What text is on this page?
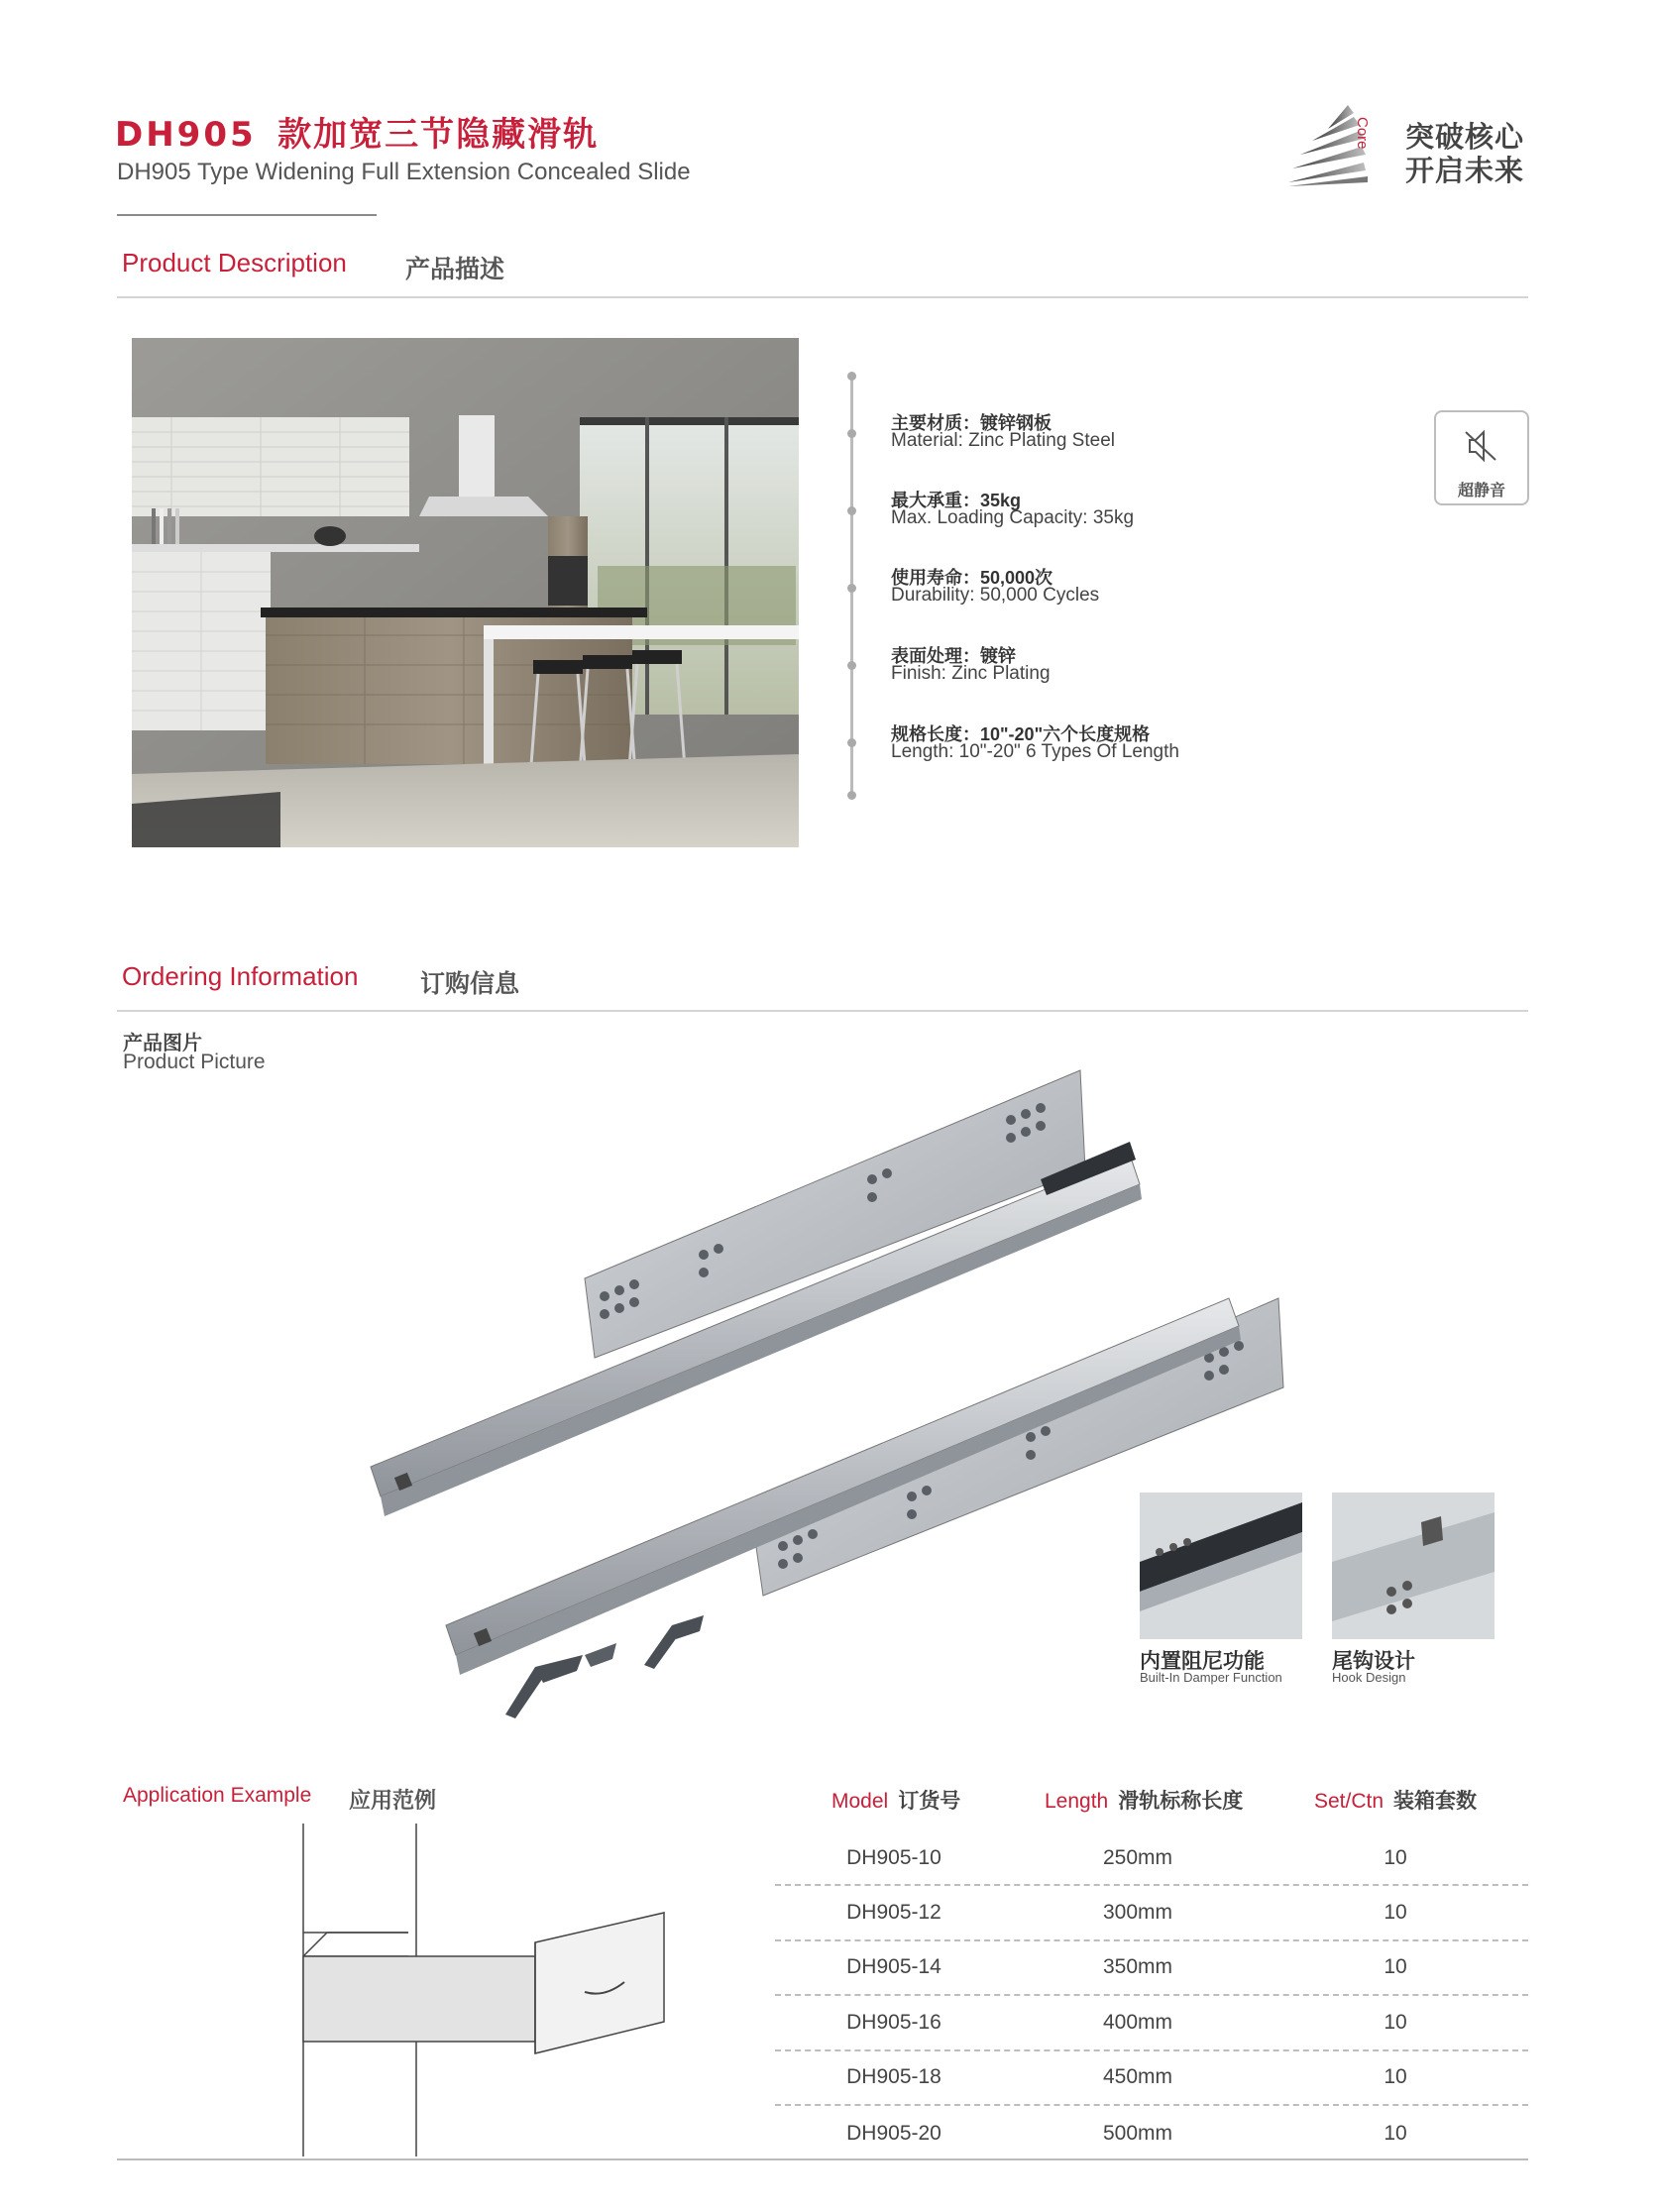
DH905 款加宽三节隐藏滑轨
DH905 Type Widening Full Extension Concealed Slide
Core 突破核心
开启未来
Product Description 产品描述
主要材质：镀锌钢板
Material: Zinc Plating Steel
最大承重：35kg
Max. Loading Capacity: 35kg
使用寿命：50,000次
Durability: 50,000 Cycles
表面处理：镀锌
Finish: Zinc Plating
规格长度：10"-20"六个长度规格
Length: 10"-20" 6 Types Of Length
超静音
Ordering Information	订购信息
产品图片
Product Picture
内置阻尼功能
Built-In Damper Function
尾钩设计
Hook Design
Application Example 应用范例	Model 订货号	Length 滑轨标称长度	Set/Ctn 装箱套数
DH905-10	250mm	10
DH905-12	300mm	10
DH905-14	350mm	10
DH905-16	400mm	10
DH905-18	450mm	10
DH905-20	500mm	10
